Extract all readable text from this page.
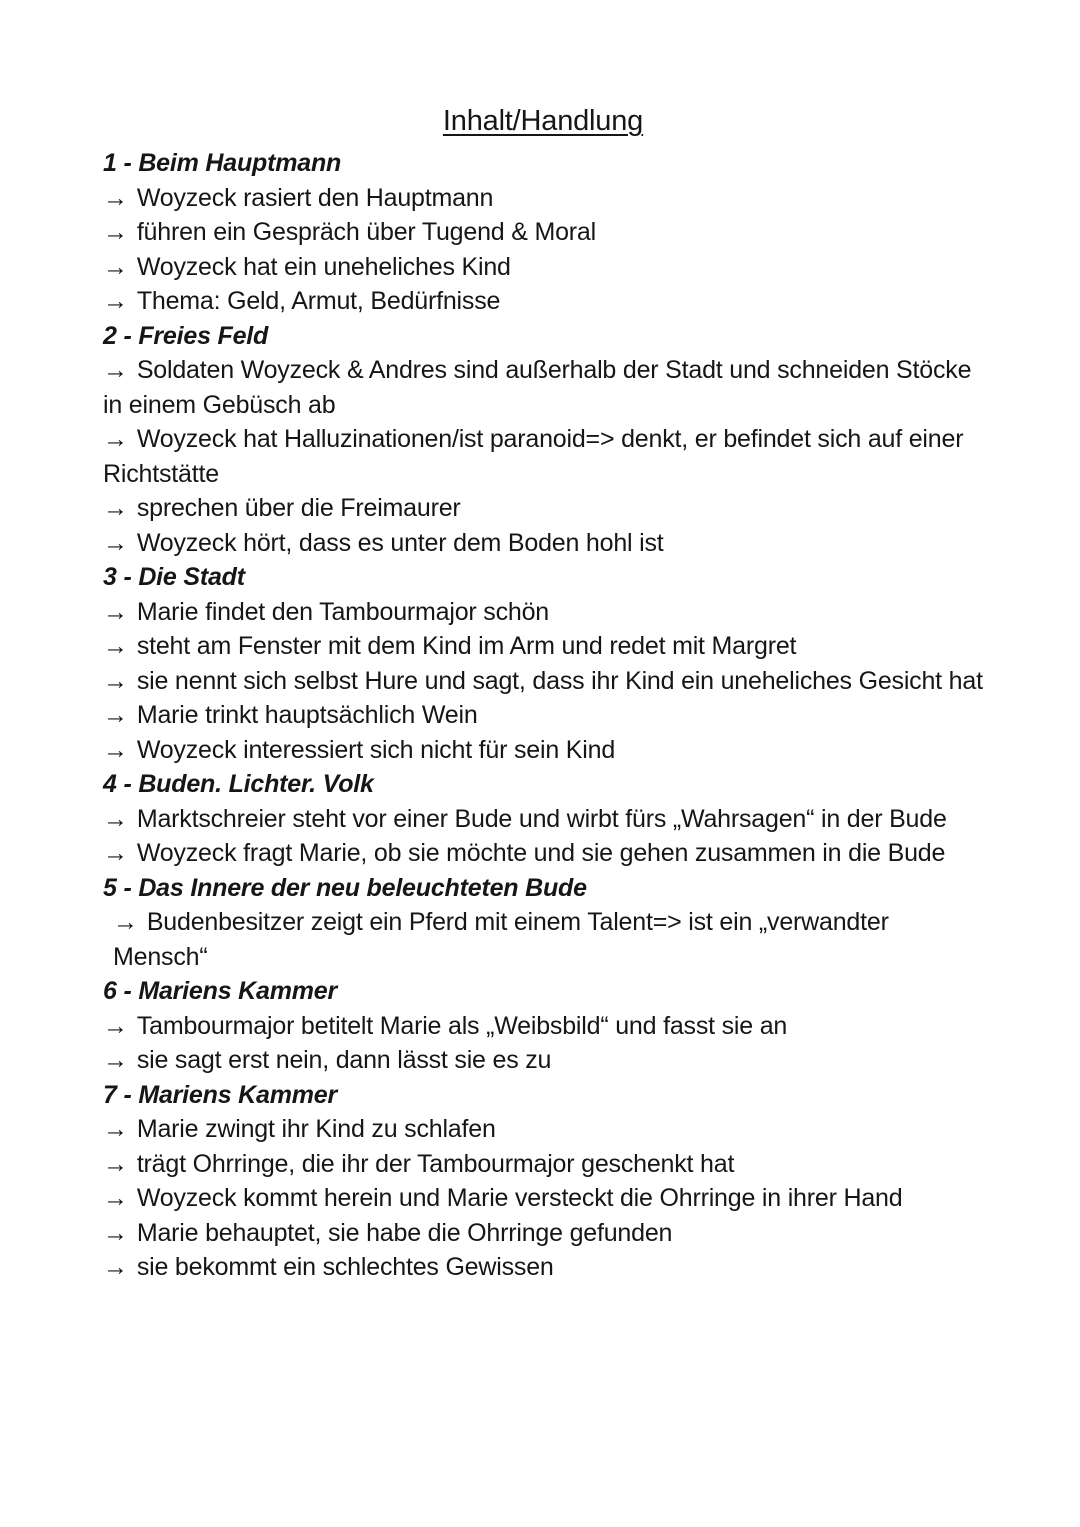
Inhalt/Handlung
1 - Beim Hauptmann
→ Woyzeck rasiert den Hauptmann
→ führen ein Gespräch über Tugend & Moral
→ Woyzeck hat ein uneheliches Kind
→ Thema: Geld, Armut, Bedürfnisse
2 - Freies Feld
→ Soldaten Woyzeck & Andres sind außerhalb der Stadt und schneiden Stöcke in einem Gebüsch ab
→ Woyzeck hat Halluzinationen/ist paranoid=> denkt, er befindet sich auf einer Richtstätte
→ sprechen über die Freimaurer
→ Woyzeck hört, dass es unter dem Boden hohl ist
3 - Die Stadt
→ Marie findet den Tambourmajor schön
→ steht am Fenster mit dem Kind im Arm und redet mit Margret
→ sie nennt sich selbst Hure und sagt, dass ihr Kind ein uneheliches Gesicht hat
→ Marie trinkt hauptsächlich Wein
→ Woyzeck interessiert sich nicht für sein Kind
4 - Buden. Lichter. Volk
→ Marktschreier steht vor einer Bude und wirbt fürs „Wahrsagen“ in der Bude
→ Woyzeck fragt Marie, ob sie möchte und sie gehen zusammen in die Bude
5 - Das Innere der neu beleuchteten Bude
→ Budenbesitzer zeigt ein Pferd mit einem Talent=> ist ein „verwandter Mensch“
6 - Mariens Kammer
→ Tambourmajor betitelt Marie als „Weibsbild“ und fasst sie an
→ sie sagt erst nein, dann lässt sie es zu
7 - Mariens Kammer
→ Marie zwingt ihr Kind zu schlafen
→ trägt Ohrringe, die ihr der Tambourmajor geschenkt hat
→ Woyzeck kommt herein und Marie versteckt die Ohrringe in ihrer Hand
→ Marie behauptet, sie habe die Ohrringe gefunden
→ sie bekommt ein schlechtes Gewissen
